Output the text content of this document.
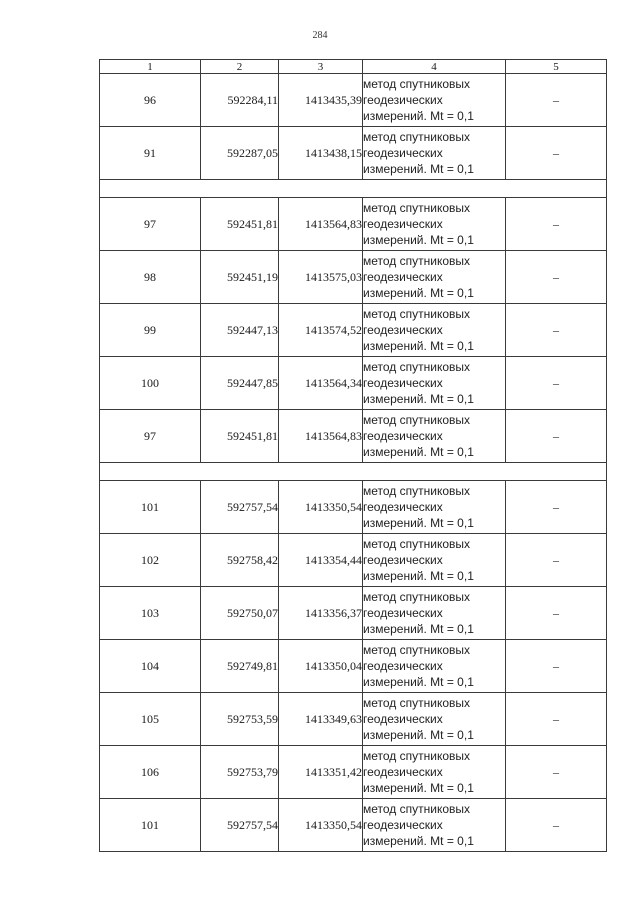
284
1	2	3	4	5
96	592284,11	1413435,39	метод спутниковых
геодезических
измерений. Mt = 0,1	–
91	592287,05	1413438,15	метод спутниковых
геодезических
измерений. Mt = 0,1	–

97	592451,81	1413564,83	метод спутниковых
геодезических
измерений. Mt = 0,1	–
98	592451,19	1413575,03	метод спутниковых
геодезических
измерений. Mt = 0,1	–
99	592447,13	1413574,52	метод спутниковых
геодезических
измерений. Mt = 0,1	–
100	592447,85	1413564,34	метод спутниковых
геодезических
измерений. Mt = 0,1	–
97	592451,81	1413564,83	метод спутниковых
геодезических
измерений. Mt = 0,1	–

101	592757,54	1413350,54	метод спутниковых
геодезических
измерений. Mt = 0,1	–
102	592758,42	1413354,44	метод спутниковых
геодезических
измерений. Mt = 0,1	–
103	592750,07	1413356,37	метод спутниковых
геодезических
измерений. Mt = 0,1	–
104	592749,81	1413350,04	метод спутниковых
геодезических
измерений. Mt = 0,1	–
105	592753,59	1413349,63	метод спутниковых
геодезических
измерений. Mt = 0,1	–
106	592753,79	1413351,42	метод спутниковых
геодезических
измерений. Mt = 0,1	–
101	592757,54	1413350,54	метод спутниковых
геодезических
измерений. Mt = 0,1	–
